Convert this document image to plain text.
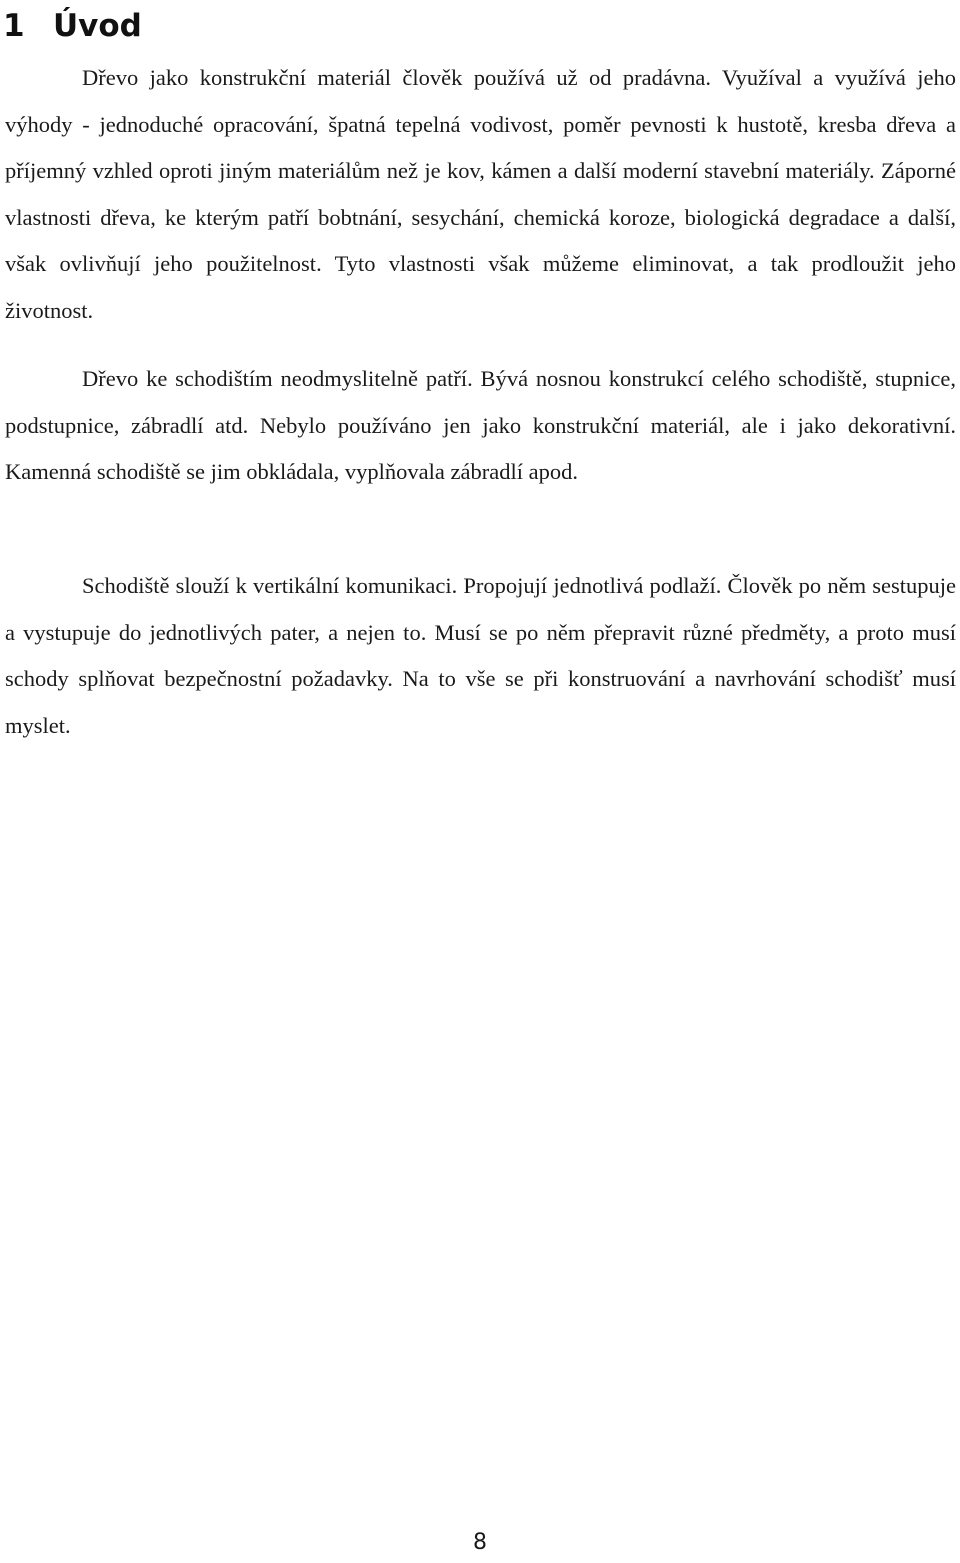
1 Úvod

Dřevo jako konstrukční materiál člověk používá už od pradávna. Využíval a využívá jeho výhody - jednoduché opracování, špatná tepelná vodivost, poměr pevnosti k hustotě, kresba dřeva a příjemný vzhled oproti jiným materiálům než je kov, kámen a další moderní stavební materiály. Záporné vlastnosti dřeva, ke kterým patří bobtnání, sesychání, chemická koroze, biologická degradace a další, však ovlivňují jeho použitelnost. Tyto vlastnosti však můžeme eliminovat, a tak prodloužit jeho životnost.

Dřevo ke schodištím neodmyslitelně patří. Bývá nosnou konstrukcí celého schodiště, stupnice, podstupnice, zábradlí atd. Nebylo používáno jen jako konstrukční materiál, ale i jako dekorativní. Kamenná schodiště se jim obkládala, vyplňovala zábradlí apod.

Schodiště slouží k vertikální komunikaci. Propojují jednotlivá podlaží. Člověk po něm sestupuje a vystupuje do jednotlivých pater, a nejen to. Musí se po něm přepravit různé předměty, a proto musí schody splňovat bezpečnostní požadavky. Na to vše se při konstruování a navrhování schodišť musí myslet.

8
